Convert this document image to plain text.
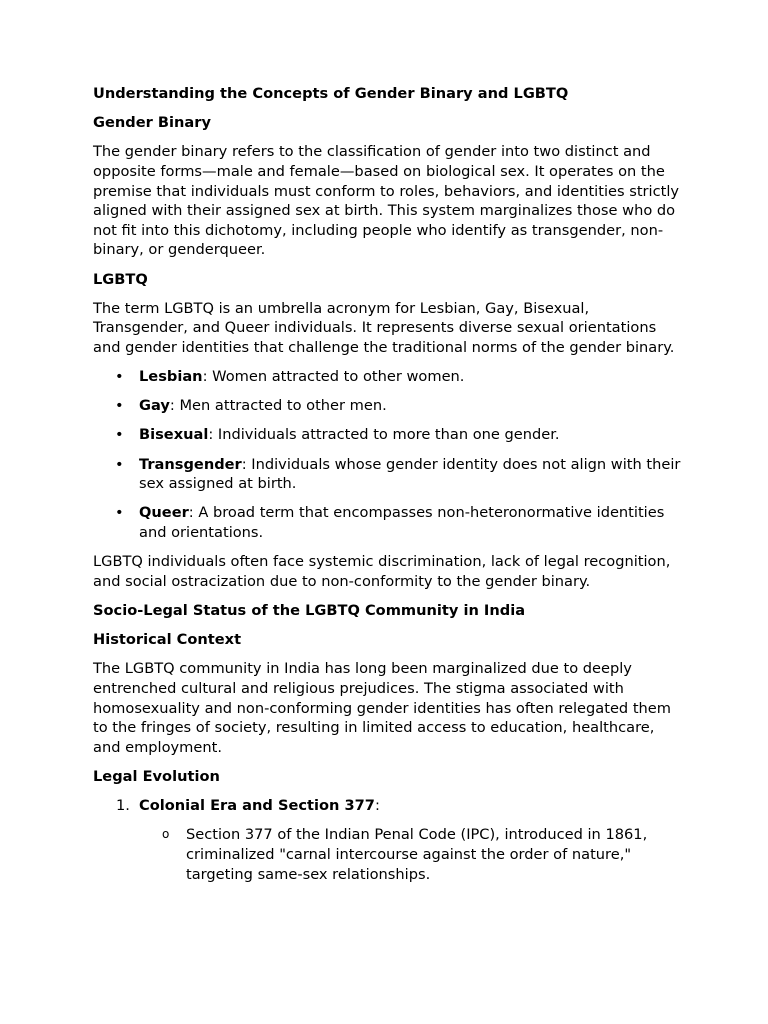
Understanding the Concepts of Gender Binary and LGBTQ
Gender Binary
The gender binary refers to the classification of gender into two distinct and opposite forms—male and female—based on biological sex. It operates on the premise that individuals must conform to roles, behaviors, and identities strictly aligned with their assigned sex at birth. This system marginalizes those who do not fit into this dichotomy, including people who identify as transgender, non-binary, or genderqueer.
LGBTQ
The term LGBTQ is an umbrella acronym for Lesbian, Gay, Bisexual, Transgender, and Queer individuals. It represents diverse sexual orientations and gender identities that challenge the traditional norms of the gender binary.
• Lesbian: Women attracted to other women.
• Gay: Men attracted to other men.
• Bisexual: Individuals attracted to more than one gender.
• Transgender: Individuals whose gender identity does not align with their sex assigned at birth.
• Queer: A broad term that encompasses non-heteronormative identities and orientations.
LGBTQ individuals often face systemic discrimination, lack of legal recognition, and social ostracization due to non-conformity to the gender binary.
Socio-Legal Status of the LGBTQ Community in India
Historical Context
The LGBTQ community in India has long been marginalized due to deeply entrenched cultural and religious prejudices. The stigma associated with homosexuality and non-conforming gender identities has often relegated them to the fringes of society, resulting in limited access to education, healthcare, and employment.
Legal Evolution
1. Colonial Era and Section 377:
o Section 377 of the Indian Penal Code (IPC), introduced in 1861, criminalized "carnal intercourse against the order of nature," targeting same-sex relationships.
